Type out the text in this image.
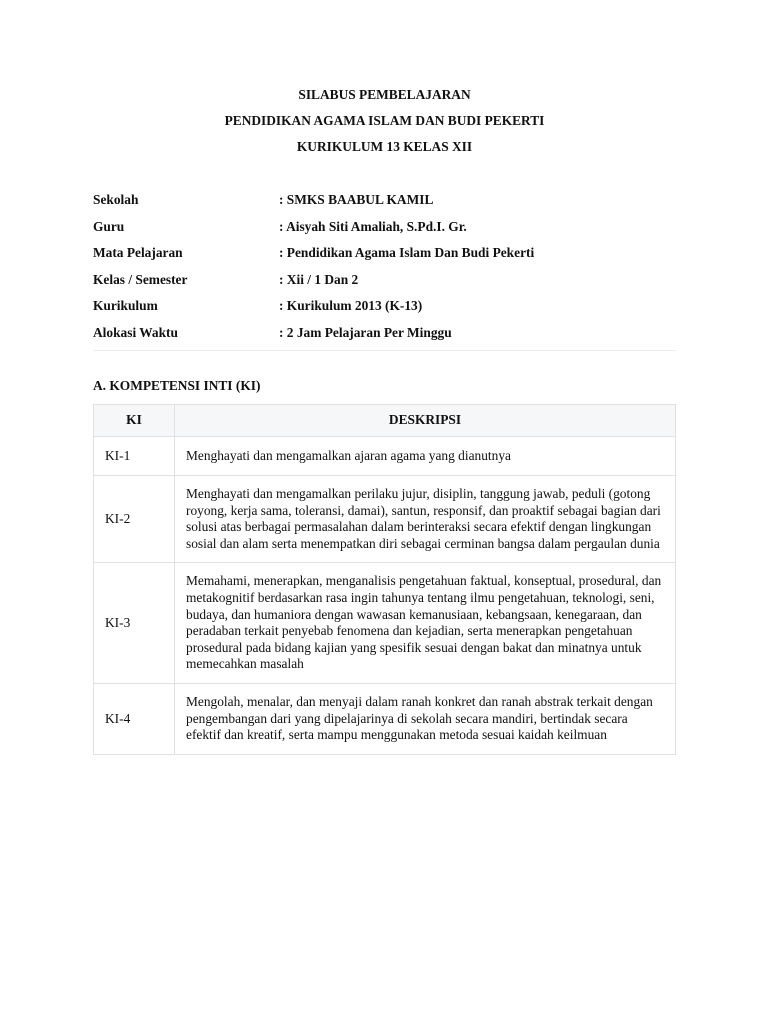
SILABUS PEMBELAJARAN
PENDIDIKAN AGAMA ISLAM DAN BUDI PEKERTI
KURIKULUM 13 KELAS XII
Sekolah	: SMKS BAABUL KAMIL
Guru	: Aisyah Siti Amaliah, S.Pd.I. Gr.
Mata Pelajaran	: Pendidikan Agama Islam Dan Budi Pekerti
Kelas / Semester	: Xii / 1 Dan 2
Kurikulum	: Kurikulum 2013 (K-13)
Alokasi Waktu	: 2 Jam Pelajaran Per Minggu
A. KOMPETENSI INTI (KI)
KI	DESKRIPSI
KI-1	Menghayati dan mengamalkan ajaran agama yang dianutnya
KI-2	Menghayati dan mengamalkan perilaku jujur, disiplin, tanggung jawab, peduli (gotong royong, kerja sama, toleransi, damai), santun, responsif, dan proaktif sebagai bagian dari solusi atas berbagai permasalahan dalam berinteraksi secara efektif dengan lingkungan sosial dan alam serta menempatkan diri sebagai cerminan bangsa dalam pergaulan dunia
KI-3	Memahami, menerapkan, menganalisis pengetahuan faktual, konseptual, prosedural, dan metakognitif berdasarkan rasa ingin tahunya tentang ilmu pengetahuan, teknologi, seni, budaya, dan humaniora dengan wawasan kemanusiaan, kebangsaan, kenegaraan, dan peradaban terkait penyebab fenomena dan kejadian, serta menerapkan pengetahuan prosedural pada bidang kajian yang spesifik sesuai dengan bakat dan minatnya untuk memecahkan masalah
KI-4	Mengolah, menalar, dan menyaji dalam ranah konkret dan ranah abstrak terkait dengan pengembangan dari yang dipelajarinya di sekolah secara mandiri, bertindak secara efektif dan kreatif, serta mampu menggunakan metoda sesuai kaidah keilmuan
